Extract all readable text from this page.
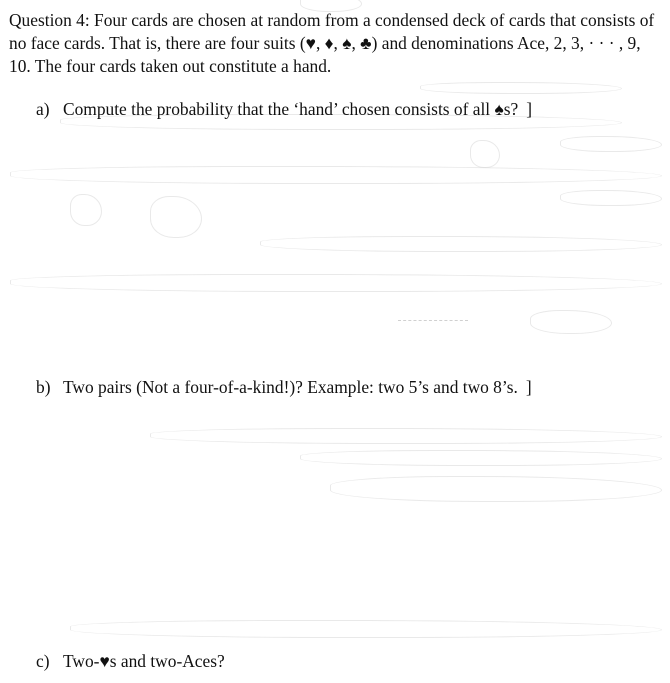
Question 4: Four cards are chosen at random from a condensed deck of cards that consists of no face cards. That is, there are four suits (♥, ♦, ♠, ♣) and denominations Ace, 2, 3, · · · , 9, 10. The four cards taken out constitute a hand.

a) Compute the probability that the ‘hand’ chosen consists of all ♠s? ]

b) Two pairs (Not a four-of-a-kind!)? Example: two 5’s and two 8’s. ]

c) Two-♥s and two-Aces?
